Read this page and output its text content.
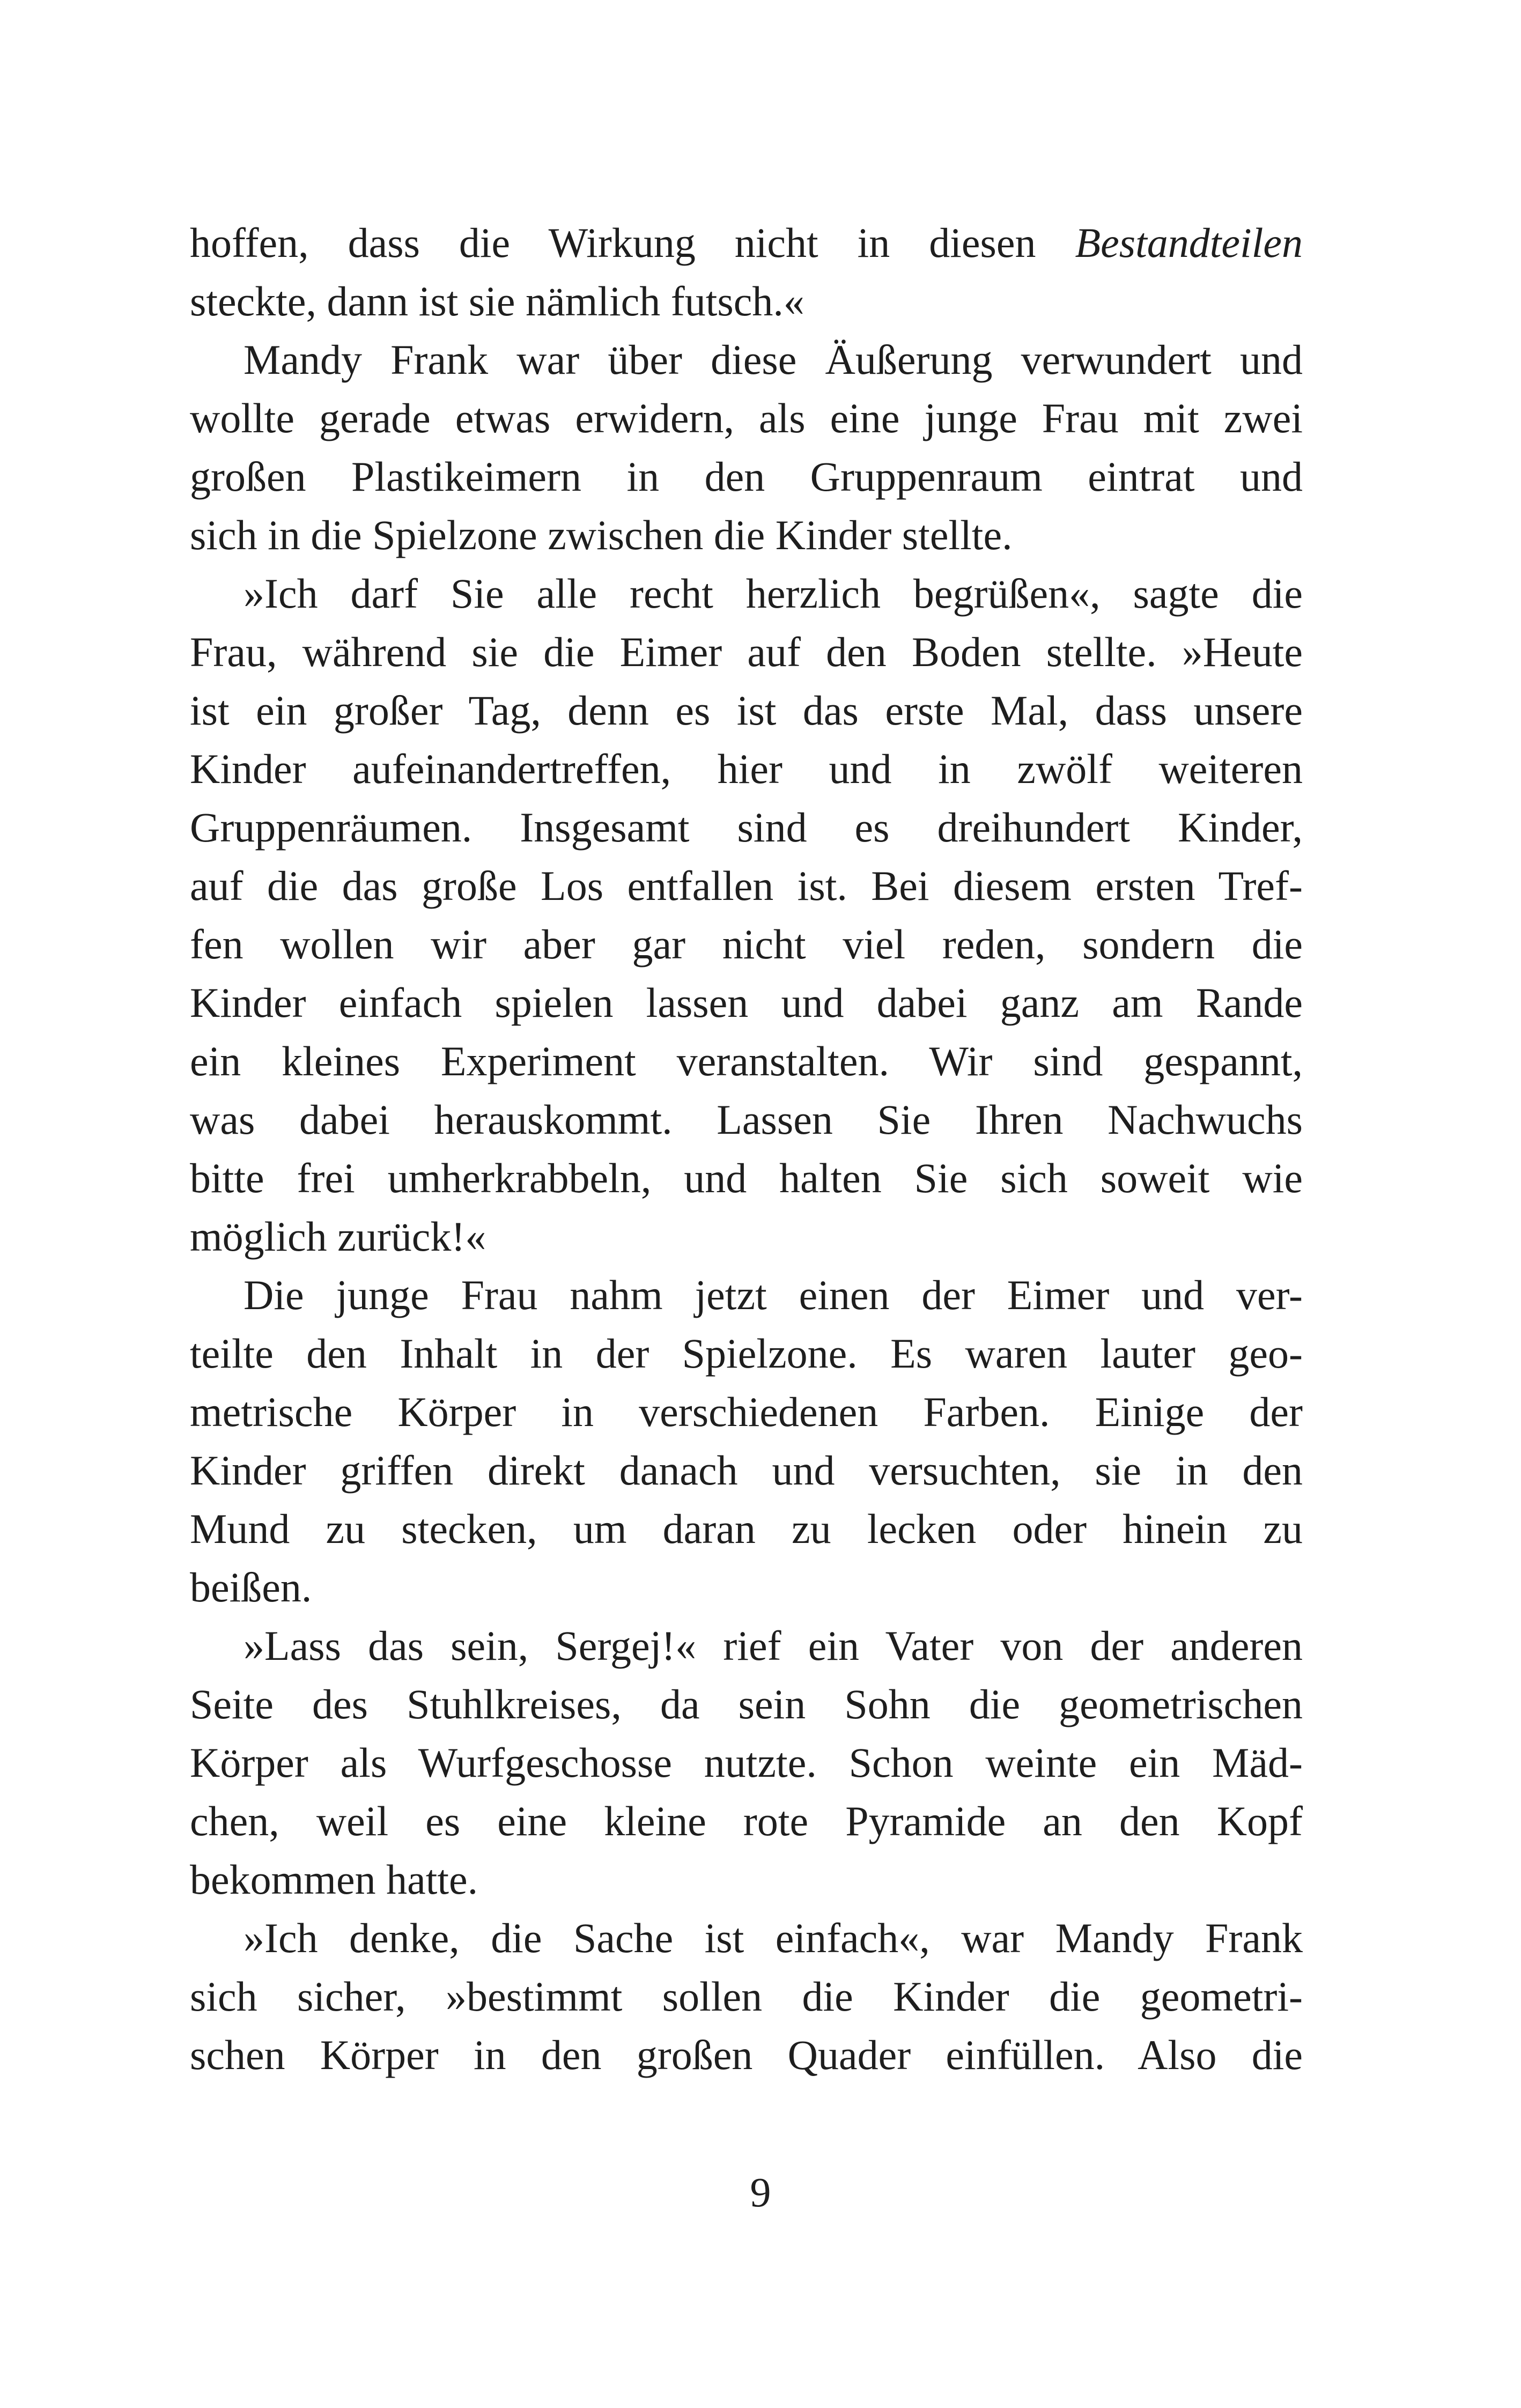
hoffen, dass die Wirkung nicht in diesen Bestandteilen
steckte, dann ist sie nämlich futsch.«
Mandy Frank war über diese Äußerung verwundert und
wollte gerade etwas erwidern, als eine junge Frau mit zwei
großen Plastikeimern in den Gruppenraum eintrat und
sich in die Spielzone zwischen die Kinder stellte.
»Ich darf Sie alle recht herzlich begrüßen«, sagte die
Frau, während sie die Eimer auf den Boden stellte. »Heute
ist ein großer Tag, denn es ist das erste Mal, dass unsere
Kinder aufeinandertreffen, hier und in zwölf weiteren
Gruppenräumen. Insgesamt sind es dreihundert Kinder,
auf die das große Los entfallen ist. Bei diesem ersten Tref-
fen wollen wir aber gar nicht viel reden, sondern die
Kinder einfach spielen lassen und dabei ganz am Rande
ein kleines Experiment veranstalten. Wir sind gespannt,
was dabei herauskommt. Lassen Sie Ihren Nachwuchs
bitte frei umherkrabbeln, und halten Sie sich soweit wie
möglich zurück!«
Die junge Frau nahm jetzt einen der Eimer und ver-
teilte den Inhalt in der Spielzone. Es waren lauter geo-
metrische Körper in verschiedenen Farben. Einige der
Kinder griffen direkt danach und versuchten, sie in den
Mund zu stecken, um daran zu lecken oder hinein zu
beißen.
»Lass das sein, Sergej!« rief ein Vater von der anderen
Seite des Stuhlkreises, da sein Sohn die geometrischen
Körper als Wurfgeschosse nutzte. Schon weinte ein Mäd-
chen, weil es eine kleine rote Pyramide an den Kopf
bekommen hatte.
»Ich denke, die Sache ist einfach«, war Mandy Frank
sich sicher, »bestimmt sollen die Kinder die geometri-
schen Körper in den großen Quader einfüllen. Also die
9
